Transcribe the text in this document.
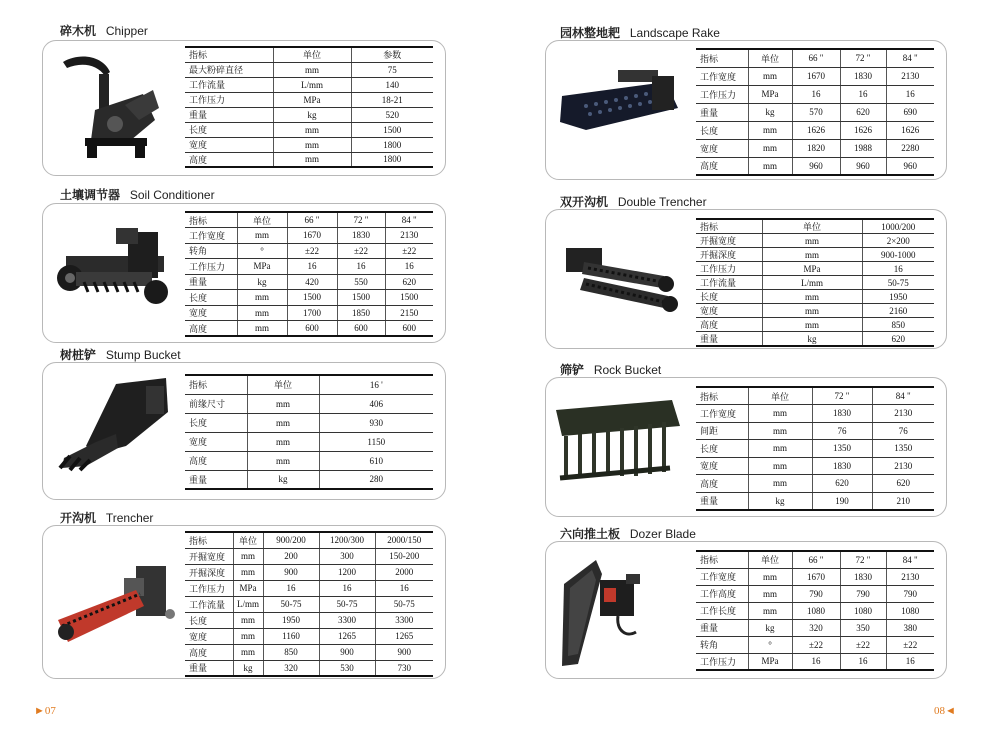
碎木机 Chipper
指标	单位	参数
最大粉碎直径	mm	75
工作流量	L/mm	140
工作压力	MPa	18-21
重量	kg	520
长度	mm	1500
宽度	mm	1800
高度	mm	1800
土壤调节器 Soil Conditioner
指标	单位	66 "	72 "	84 "
工作宽度	mm	1670	1830	2130
转角	°	±22	±22	±22
工作压力	MPa	16	16	16
重量	kg	420	550	620
长度	mm	1500	1500	1500
宽度	mm	1700	1850	2150
高度	mm	600	600	600
树桩铲 Stump Bucket
指标	单位	16 '
前缘尺寸	mm	406
长度	mm	930
宽度	mm	1150
高度	mm	610
重量	kg	280
开沟机 Trencher
指标	单位	900/200	1200/300	2000/150
开掘宽度	mm	200	300	150-200
开掘深度	mm	900	1200	2000
工作压力	MPa	16	16	16
工作流量	L/mm	50-75	50-75	50-75
长度	mm	1950	3300	3300
宽度	mm	1160	1265	1265
高度	mm	850	900	900
重量	kg	320	530	730
►07
园林整地耙 Landscape Rake
指标	单位	66 "	72 "	84 "
工作宽度	mm	1670	1830	2130
工作压力	MPa	16	16	16
重量	kg	570	620	690
长度	mm	1626	1626	1626
宽度	mm	1820	1988	2280
高度	mm	960	960	960
双开沟机 Double Trencher
指标	单位	1000/200
开掘宽度	mm	2×200
开掘深度	mm	900-1000
工作压力	MPa	16
工作流量	L/mm	50-75
长度	mm	1950
宽度	mm	2160
高度	mm	850
重量	kg	620
筛铲 Rock Bucket
指标	单位	72 "	84 "
工作宽度	mm	1830	2130
间距	mm	76	76
长度	mm	1350	1350
宽度	mm	1830	2130
高度	mm	620	620
重量	kg	190	210
六向推土板 Dozer Blade
指标	单位	66 "	72 "	84 "
工作宽度	mm	1670	1830	2130
工作高度	mm	790	790	790
工作长度	mm	1080	1080	1080
重量	kg	320	350	380
转角	°	±22	±22	±22
工作压力	MPa	16	16	16
08◄
